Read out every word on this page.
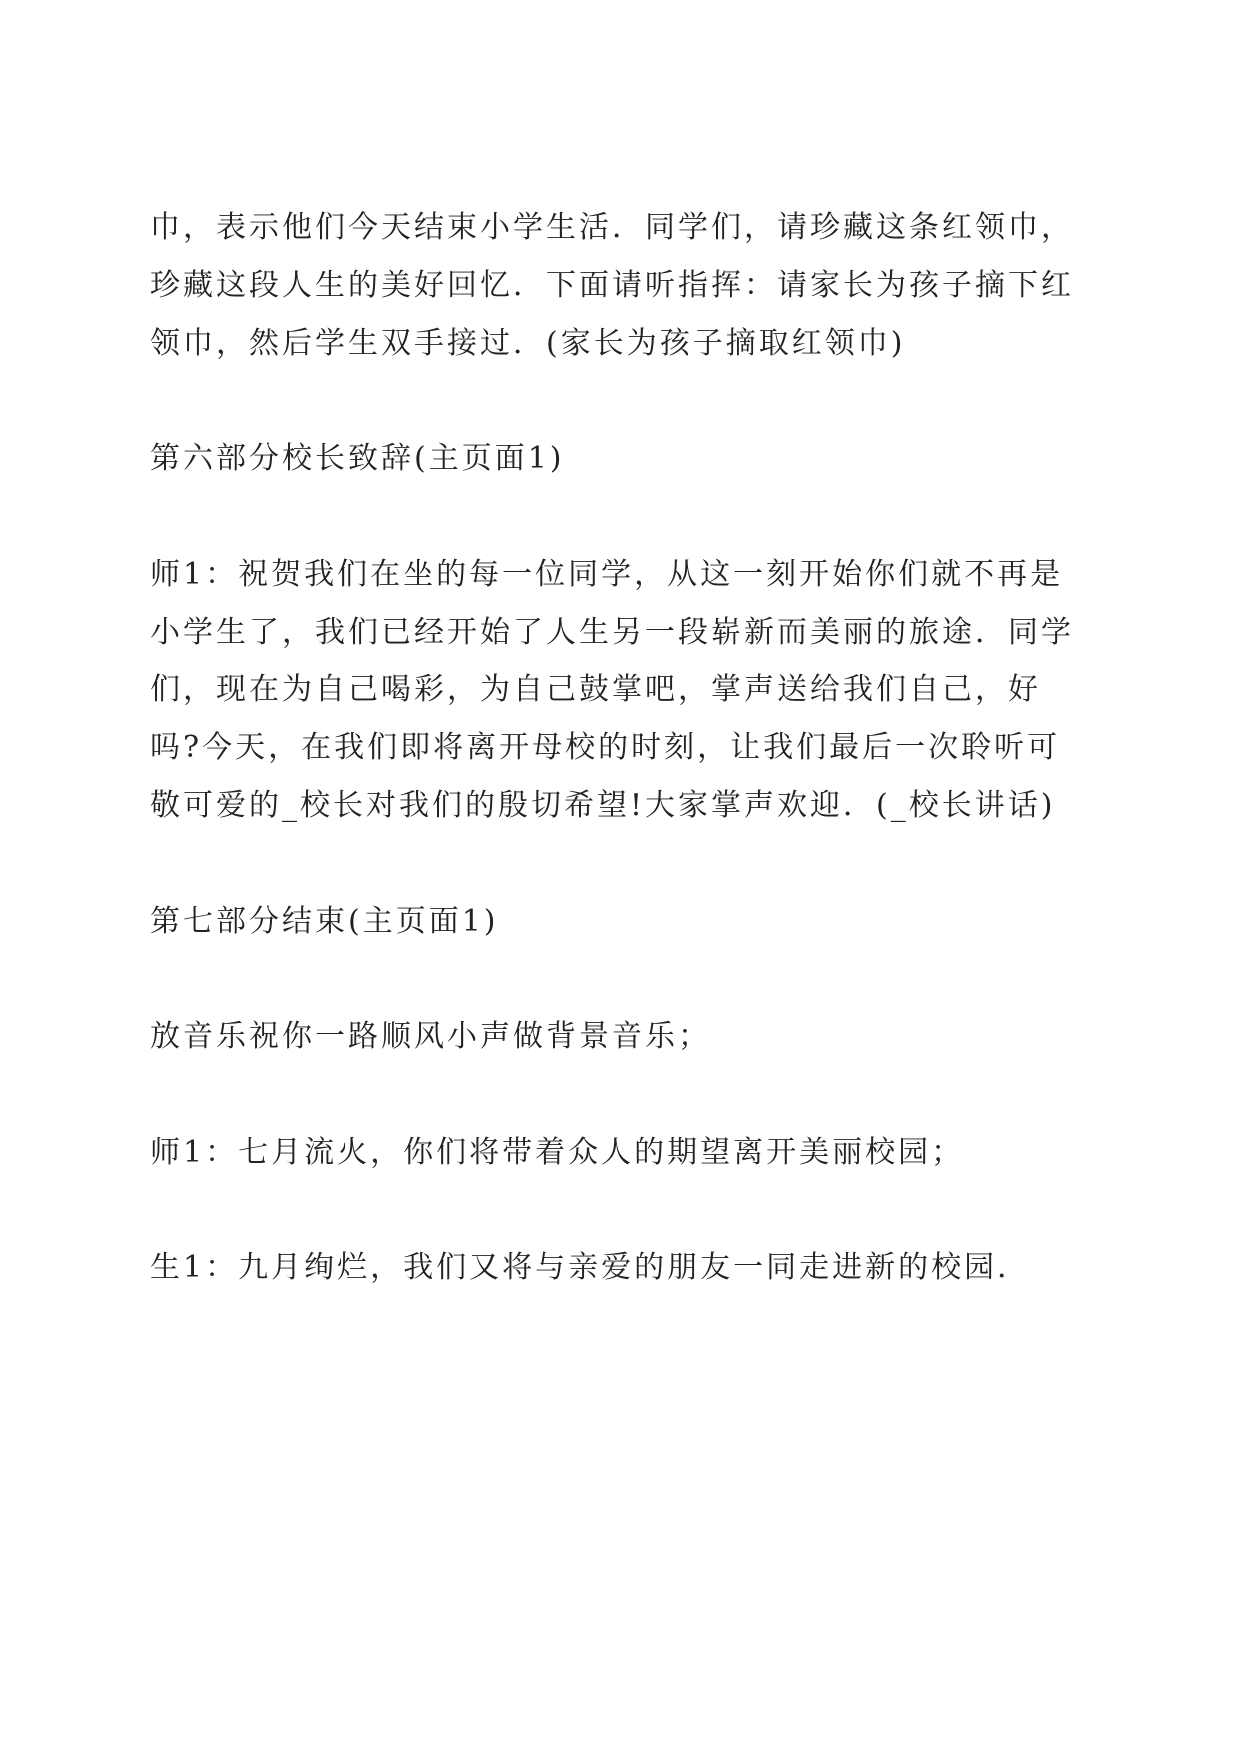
巾，表示他们今天结束小学生活．同学们，请珍藏这条红领巾，
珍藏这段人生的美好回忆．下面请听指挥：请家长为孩子摘下红
领巾，然后学生双手接过．(家长为孩子摘取红领巾)
第六部分校长致辞(主页面1)
师1：祝贺我们在坐的每一位同学，从这一刻开始你们就不再是
小学生了，我们已经开始了人生另一段崭新而美丽的旅途．同学
们，现在为自己喝彩，为自己鼓掌吧，掌声送给我们自己，好
吗?今天，在我们即将离开母校的时刻，让我们最后一次聆听可
敬可爱的_校长对我们的殷切希望!大家掌声欢迎．(_校长讲话)
第七部分结束(主页面1)
放音乐祝你一路顺风小声做背景音乐；
师1：七月流火，你们将带着众人的期望离开美丽校园；
生1：九月绚烂，我们又将与亲爱的朋友一同走进新的校园．
